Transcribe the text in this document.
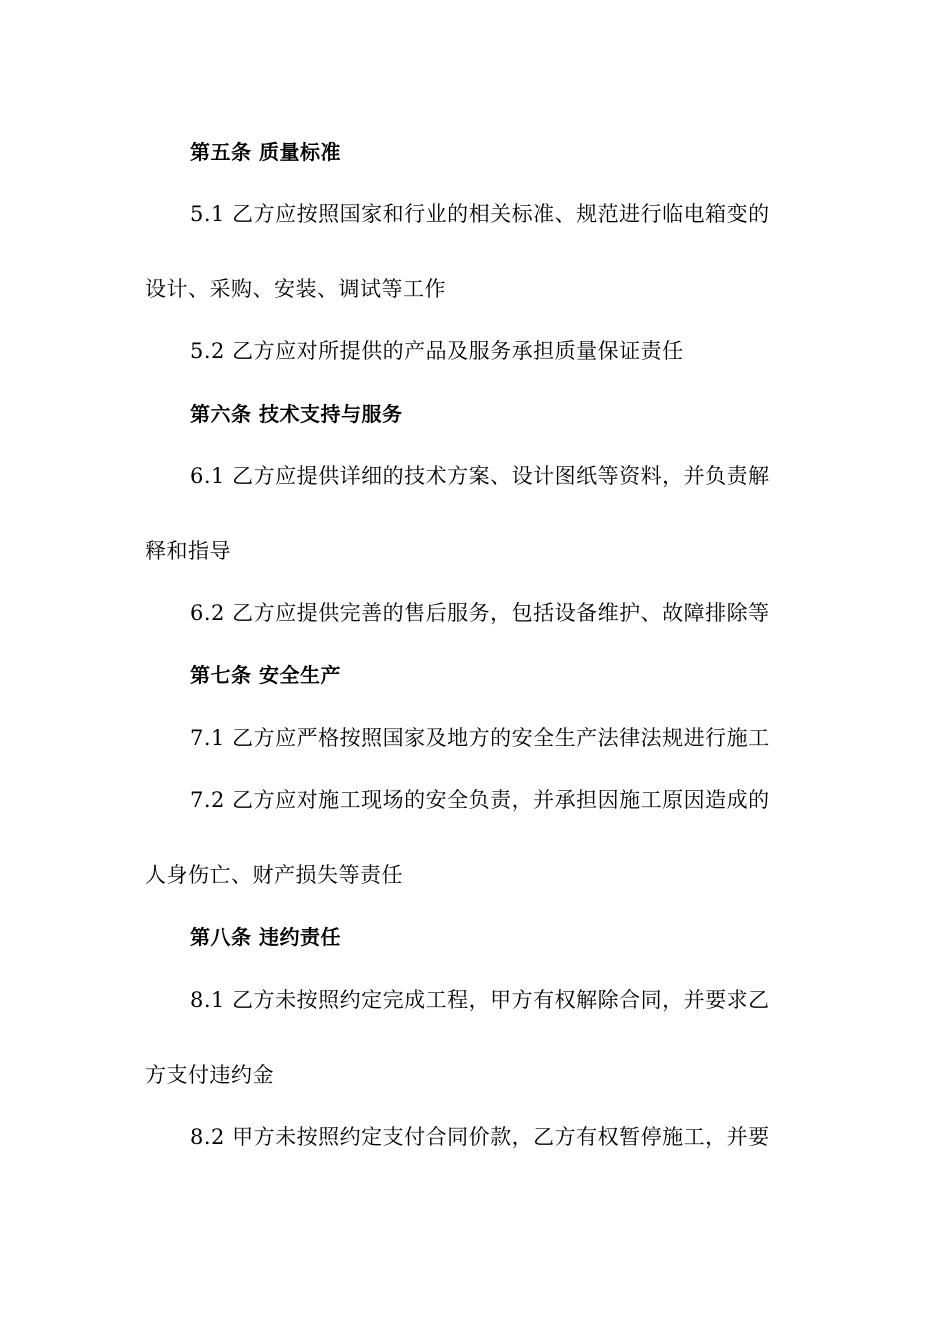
第五条 质量标准
5.1 乙方应按照国家和行业的相关标准、规范进行临电箱变的
设计、采购、安装、调试等工作
5.2 乙方应对所提供的产品及服务承担质量保证责任
第六条 技术支持与服务
6.1 乙方应提供详细的技术方案、设计图纸等资料，并负责解
释和指导
6.2 乙方应提供完善的售后服务，包括设备维护、故障排除等
第七条 安全生产
7.1 乙方应严格按照国家及地方的安全生产法律法规进行施工
7.2 乙方应对施工现场的安全负责，并承担因施工原因造成的
人身伤亡、财产损失等责任
第八条 违约责任
8.1 乙方未按照约定完成工程，甲方有权解除合同，并要求乙
方支付违约金
8.2 甲方未按照约定支付合同价款，乙方有权暂停施工，并要
